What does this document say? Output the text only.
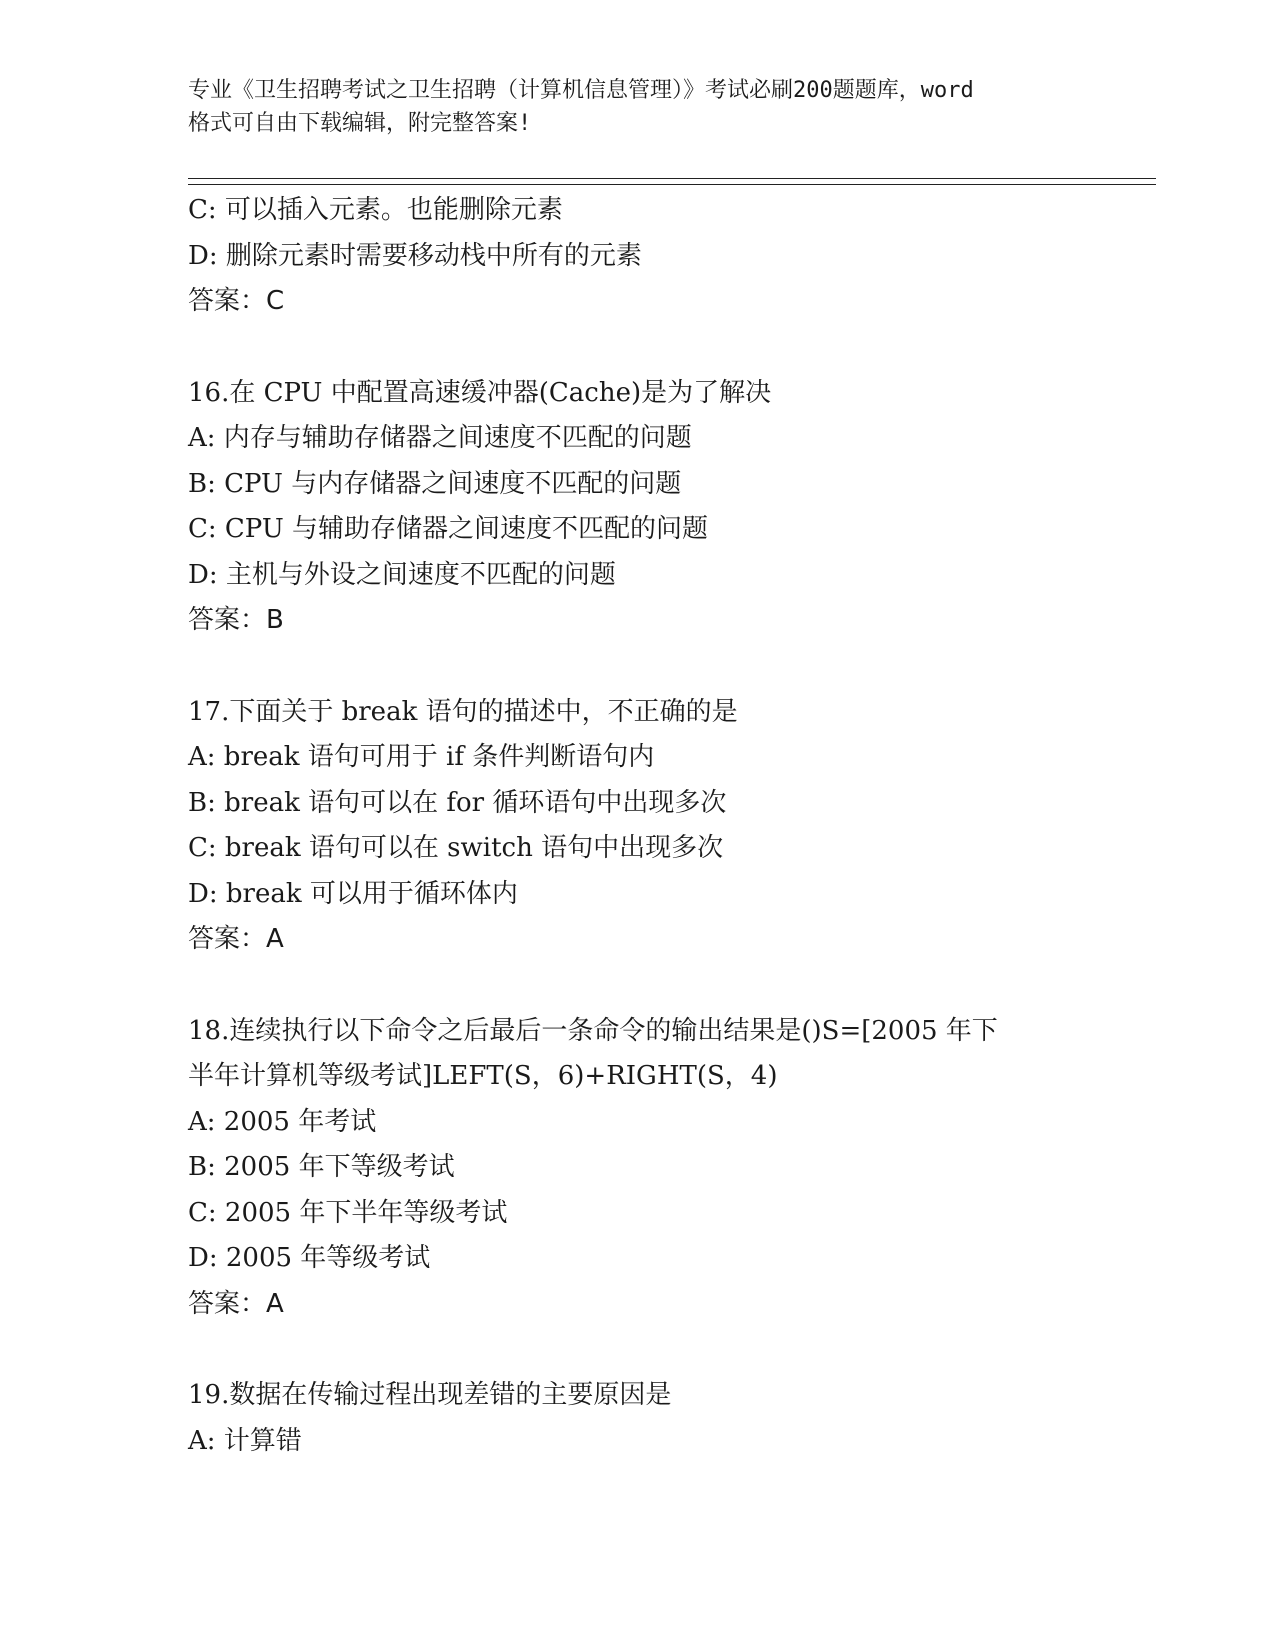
专业《卫生招聘考试之卫生招聘（计算机信息管理）》考试必刷200题题库，word
格式可自由下载编辑，附完整答案!
C: 可以插入元素。也能删除元素
D: 删除元素时需要移动栈中所有的元素
答案：C
16.在 CPU 中配置高速缓冲器(Cache)是为了解决
A: 内存与辅助存储器之间速度不匹配的问题
B: CPU 与内存储器之间速度不匹配的问题
C: CPU 与辅助存储器之间速度不匹配的问题
D: 主机与外设之间速度不匹配的问题
答案：B
17.下面关于 break 语句的描述中，不正确的是
A: break 语句可用于 if 条件判断语句内
B: break 语句可以在 for 循环语句中出现多次
C: break 语句可以在 switch 语句中出现多次
D: break 可以用于循环体内
答案：A
18.连续执行以下命令之后最后一条命令的输出结果是()S=[2005 年下
半年计算机等级考试]LEFT(S，6)+RIGHT(S，4)
A: 2005 年考试
B: 2005 年下等级考试
C: 2005 年下半年等级考试
D: 2005 年等级考试
答案：A
19.数据在传输过程出现差错的主要原因是
A: 计算错
